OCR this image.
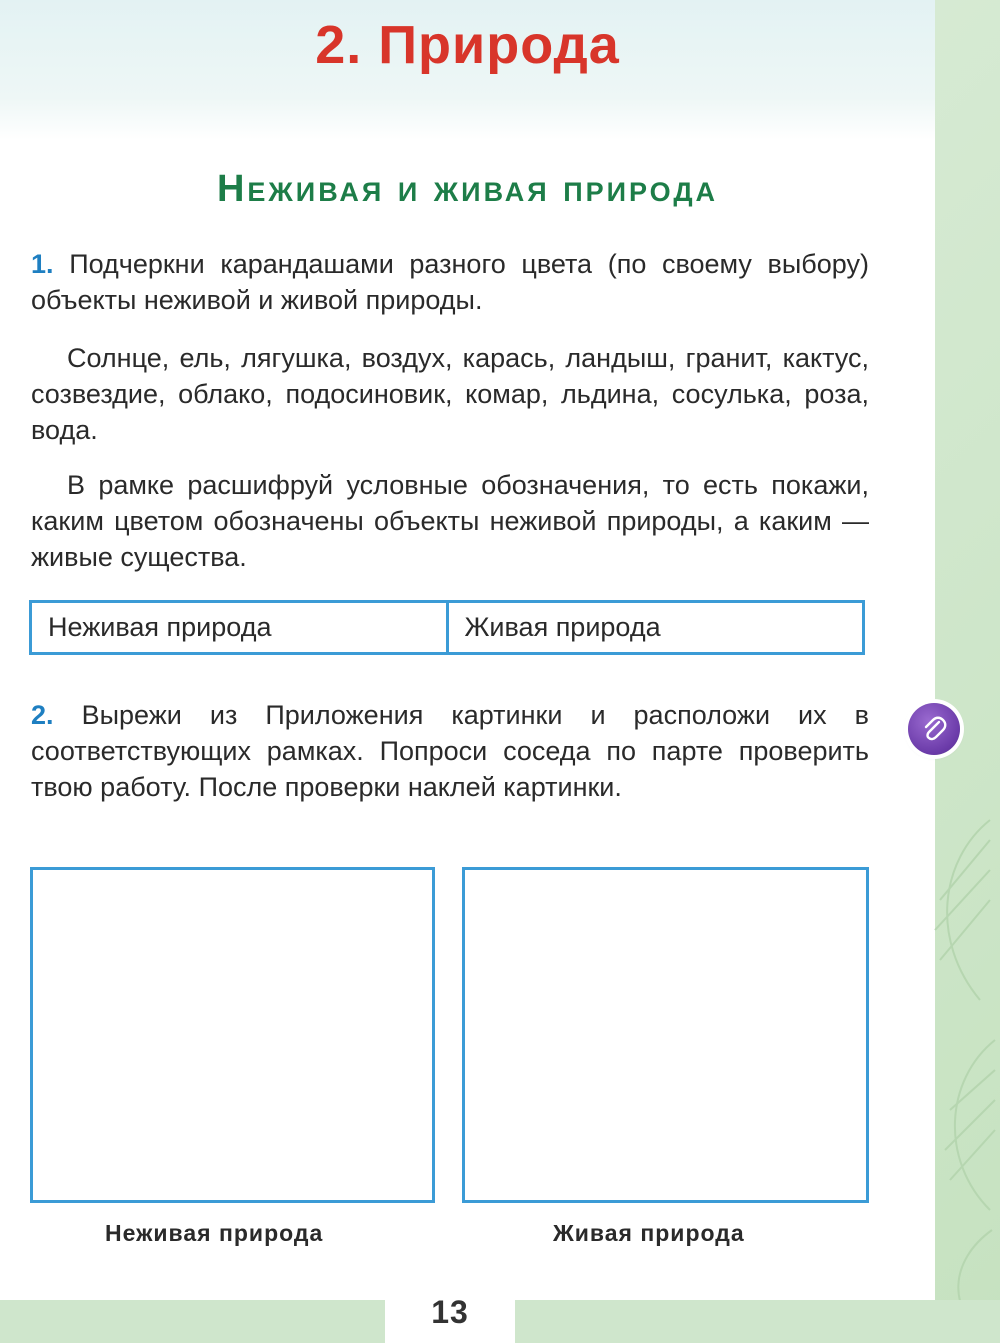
13
2. Природа
Неживая и живая природа

1. Подчеркни карандашами разного цвета (по своему выбору) объекты неживой и живой природы.

Солнце, ель, лягушка, воздух, карась, ландыш, гранит, кактус, созвездие, облако, подосиновик, комар, льдина, сосулька, роза, вода.

В рамке расшифруй условные обозначения, то есть покажи, каким цветом обозначены объекты неживой природы, а каким — живые существа.

Неживая природа	Живая природа

2. Вырежи из Приложения картинки и расположи их в соответствующих рамках. Попроси соседа по парте проверить твою работу. После проверки наклей картинки.

Неживая природа	Живая природа
